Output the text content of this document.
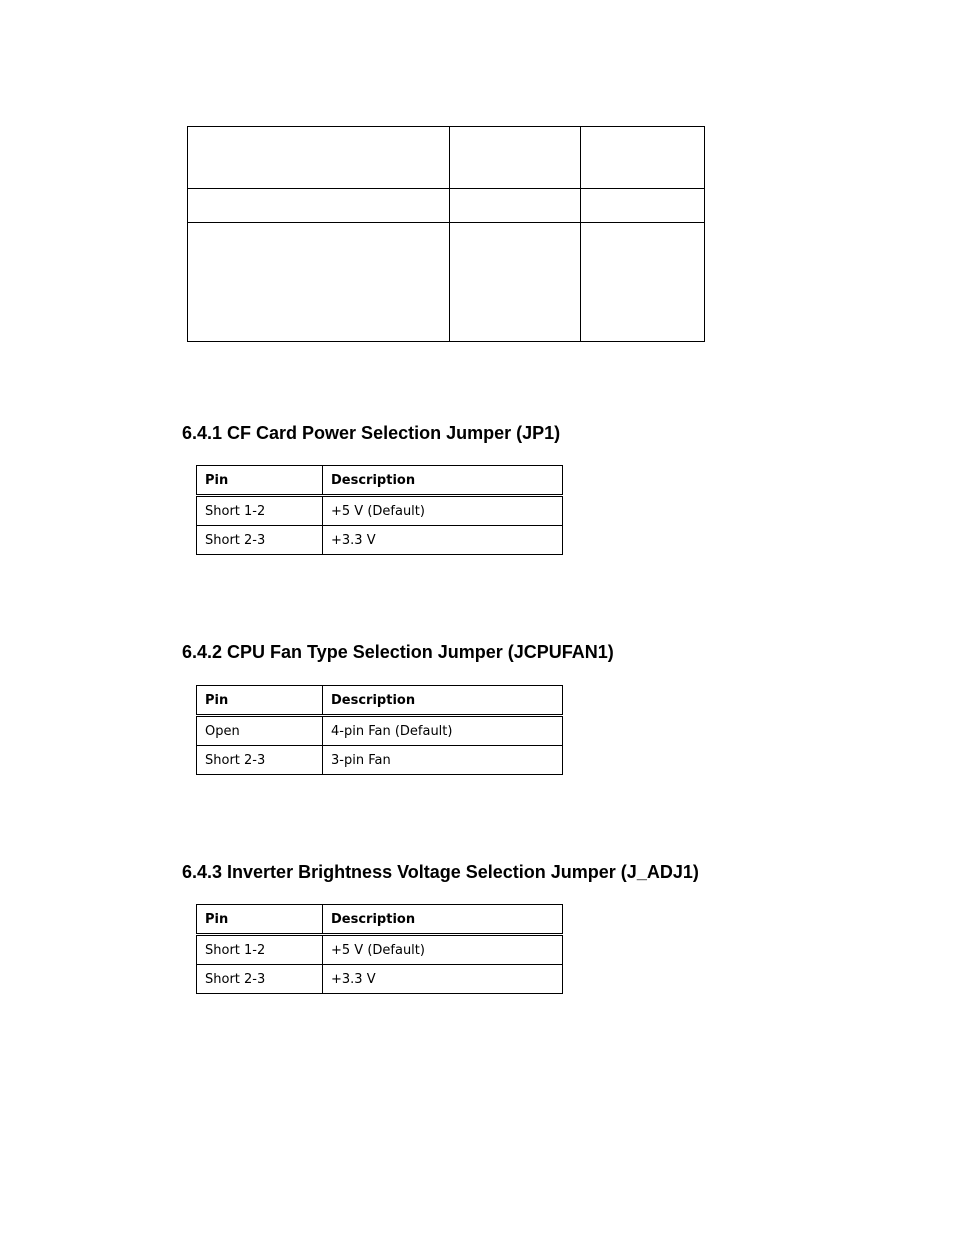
6.4.1 CF Card Power Selection Jumper (JP1)
Pin	Description
Short 1-2	+5 V (Default)
Short 2-3	+3.3 V
6.4.2 CPU Fan Type Selection Jumper (JCPUFAN1)
Pin	Description
Open	4-pin Fan (Default)
Short 2-3	3-pin Fan
6.4.3 Inverter Brightness Voltage Selection Jumper (J_ADJ1)
Pin	Description
Short 1-2	+5 V (Default)
Short 2-3	+3.3 V
